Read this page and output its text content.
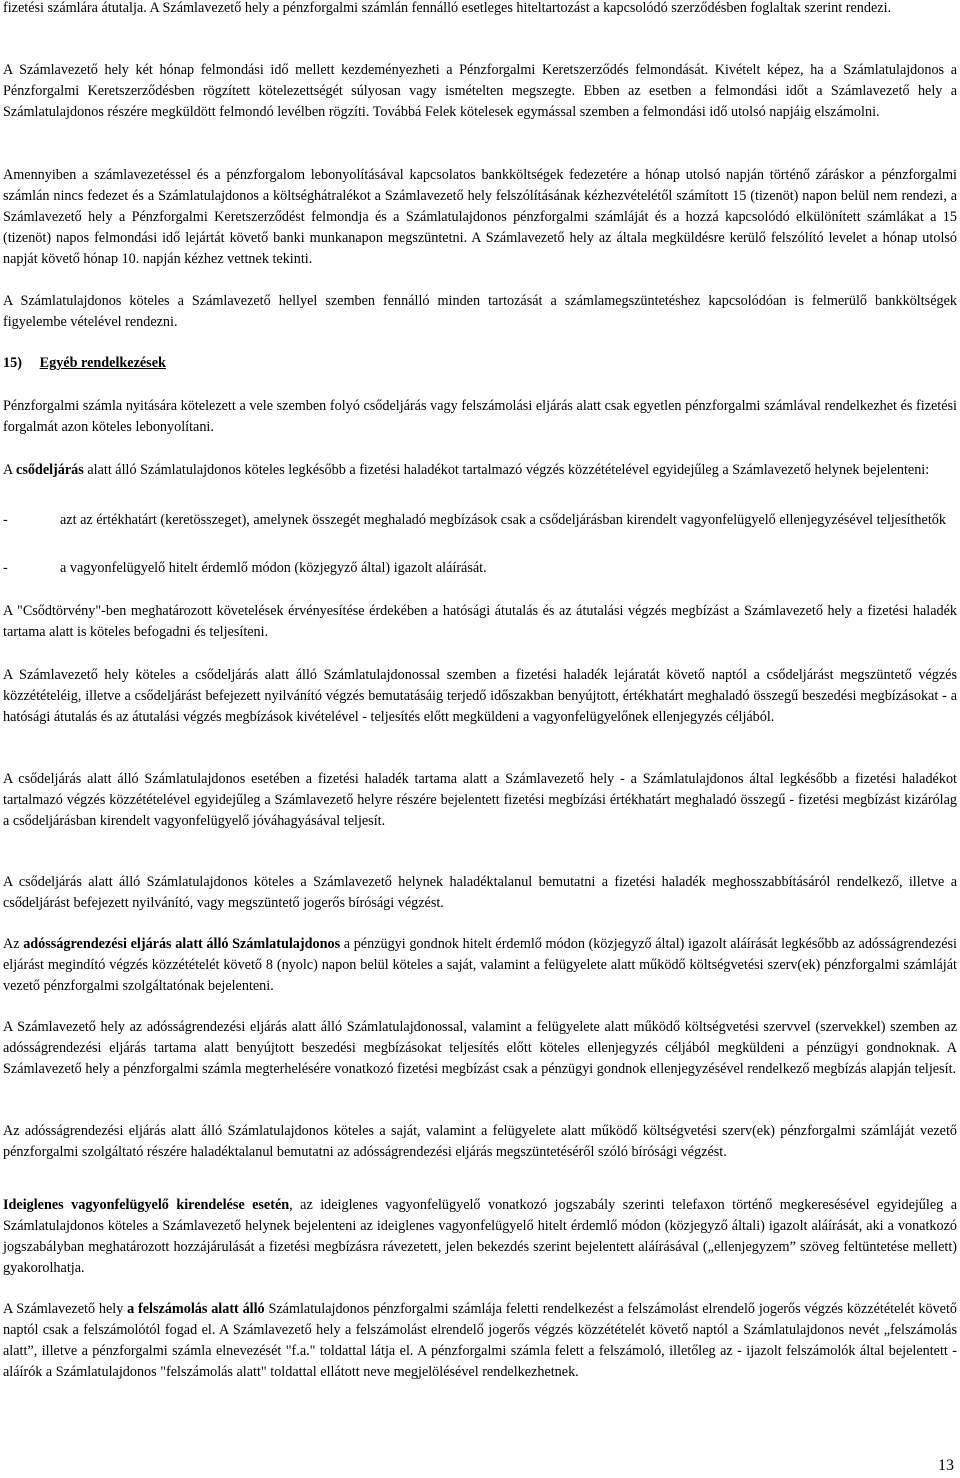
fizetési számlára átutalja. A Számlavezető hely a pénzforgalmi számlán fennálló esetleges hiteltartozást a kapcsolódó szerződésben foglaltak szerint rendezi.

A Számlavezető hely két hónap felmondási idő mellett kezdeményezheti a Pénzforgalmi Keretszerződés felmondását. Kivételt képez, ha a Számlatulajdonos a Pénzforgalmi Keretszerződésben rögzített kötelezettségét súlyosan vagy ismételten megszegte. Ebben az esetben a felmondási időt a Számlavezető hely a Számlatulajdonos részére megküldött felmondó levélben rögzíti. Továbbá Felek kötelesek egymással szemben a felmondási idő utolsó napjáig elszámolni.

Amennyiben a számlavezetéssel és a pénzforgalom lebonyolításával kapcsolatos bankköltségek fedezetére a hónap utolsó napján történő záráskor a pénzforgalmi számlán nincs fedezet és a Számlatulajdonos a költséghátralékot a Számlavezető hely felszólításának kézhezvételétől számított 15 (tizenöt) napon belül nem rendezi, a Számlavezető hely a Pénzforgalmi Keretszerződést felmondja és a Számlatulajdonos pénzforgalmi számláját és a hozzá kapcsolódó elkülönített számlákat a 15 (tizenöt) napos felmondási idő lejártát követő banki munkanapon megszüntetni. A Számlavezető hely az általa megküldésre kerülő felszólító levelet a hónap utolsó napját követő hónap 10. napján kézhez vettnek tekinti.

A Számlatulajdonos köteles a Számlavezető hellyel szemben fennálló minden tartozását a számlamegszüntetéshez kapcsolódóan is felmerülő bankköltségek figyelembe vételével rendezni.

15) Egyéb rendelkezések

Pénzforgalmi számla nyitására kötelezett a vele szemben folyó csődeljárás vagy felszámolási eljárás alatt csak egyetlen pénzforgalmi számlával rendelkezhet és fizetési forgalmát azon köteles lebonyolítani.

A csődeljárás alatt álló Számlatulajdonos köteles legkésőbb a fizetési haladékot tartalmazó végzés közzétételével egyidejűleg a Számlavezető helynek bejelenteni:

-	azt az értékhatárt (keretösszeget), amelynek összegét meghaladó megbízások csak a csődeljárásban kirendelt vagyonfelügyelő ellenjegyzésével teljesíthetők
-	a vagyonfelügyelő hitelt érdemlő módon (közjegyző által) igazolt aláírását.

A "Csődtörvény"-ben meghatározott követelések érvényesítése érdekében a hatósági átutalás és az átutalási végzés megbízást a Számlavezető hely a fizetési haladék tartama alatt is köteles befogadni és teljesíteni.

A Számlavezető hely köteles a csődeljárás alatt álló Számlatulajdonossal szemben a fizetési haladék lejáratát követő naptól a csődeljárást megszüntető végzés közzétételéig, illetve a csődeljárást befejezett nyilvánító végzés bemutatásáig terjedő időszakban benyújtott, értékhatárt meghaladó összegű beszedési megbízásokat - a hatósági átutalás és az átutalási végzés megbízások kivételével - teljesítés előtt megküldeni a vagyonfelügyelőnek ellenjegyzés céljából.

A csődeljárás alatt álló Számlatulajdonos esetében a fizetési haladék tartama alatt a Számlavezető hely - a Számlatulajdonos által legkésőbb a fizetési haladékot tartalmazó végzés közzétételével egyidejűleg a Számlavezető helyre részére bejelentett fizetési megbízási értékhatárt meghaladó összegű - fizetési megbízást kizárólag a csődeljárásban kirendelt vagyonfelügyelő jóváhagyásával teljesít.

A csődeljárás alatt álló Számlatulajdonos köteles a Számlavezető helynek haladéktalanul bemutatni a fizetési haladék meghosszabbításáról rendelkező, illetve a csődeljárást befejezett nyilvánító, vagy megszüntető jogerős bírósági végzést.

Az adósságrendezési eljárás alatt álló Számlatulajdonos a pénzügyi gondnok hitelt érdemlő módon (közjegyző által) igazolt aláírását legkésőbb az adósságrendezési eljárást megindító végzés közzétételét követő 8 (nyolc) napon belül köteles a saját, valamint a felügyelete alatt működő költségvetési szerv(ek) pénzforgalmi számláját vezető pénzforgalmi szolgáltatónak bejelenteni.

A Számlavezető hely az adósságrendezési eljárás alatt álló Számlatulajdonossal, valamint a felügyelete alatt működő költségvetési szervvel (szervekkel) szemben az adósságrendezési eljárás tartama alatt benyújtott beszedési megbízásokat teljesítés előtt köteles ellenjegyzés céljából megküldeni a pénzügyi gondnoknak. A Számlavezető hely a pénzforgalmi számla megterhelésére vonatkozó fizetési megbízást csak a pénzügyi gondnok ellenjegyzésével rendelkező megbízás alapján teljesít.

Az adósságrendezési eljárás alatt álló Számlatulajdonos köteles a saját, valamint a felügyelete alatt működő költségvetési szerv(ek) pénzforgalmi számláját vezető pénzforgalmi szolgáltató részére haladéktalanul bemutatni az adósságrendezési eljárás megszüntetéséről szóló bírósági végzést.

Ideiglenes vagyonfelügyelő kirendelése esetén, az ideiglenes vagyonfelügyelő vonatkozó jogszabály szerinti telefaxon történő megkeresésével egyidejűleg a Számlatulajdonos köteles a Számlavezető helynek bejelenteni az ideiglenes vagyonfelügyelő hitelt érdemlő módon (közjegyző általi) igazolt aláírását, aki a vonatkozó jogszabályban meghatározott hozzájárulását a fizetési megbízásra rávezetett, jelen bekezdés szerint bejelentett aláírásával („ellenjegyzem” szöveg feltüntetése mellett) gyakorolhatja.

A Számlavezető hely a felszámolás alatt álló Számlatulajdonos pénzforgalmi számlája feletti rendelkezést a felszámolást elrendelő jogerős végzés közzétételét követő naptól csak a felszámolótól fogad el. A Számlavezető hely a felszámolást elrendelő jogerős végzés közzétételét követő naptól a Számlatulajdonos nevét „felszámolás alatt”, illetve a pénzforgalmi számla elnevezését "f.a." toldattal látja el. A pénzforgalmi számla felett a felszámoló, illetőleg az - ijazolt felszámolók által bejelentett - aláírók a Számlatulajdonos "felszámolás alatt" toldattal ellátott neve megjelölésével rendelkezhetnek.

13
